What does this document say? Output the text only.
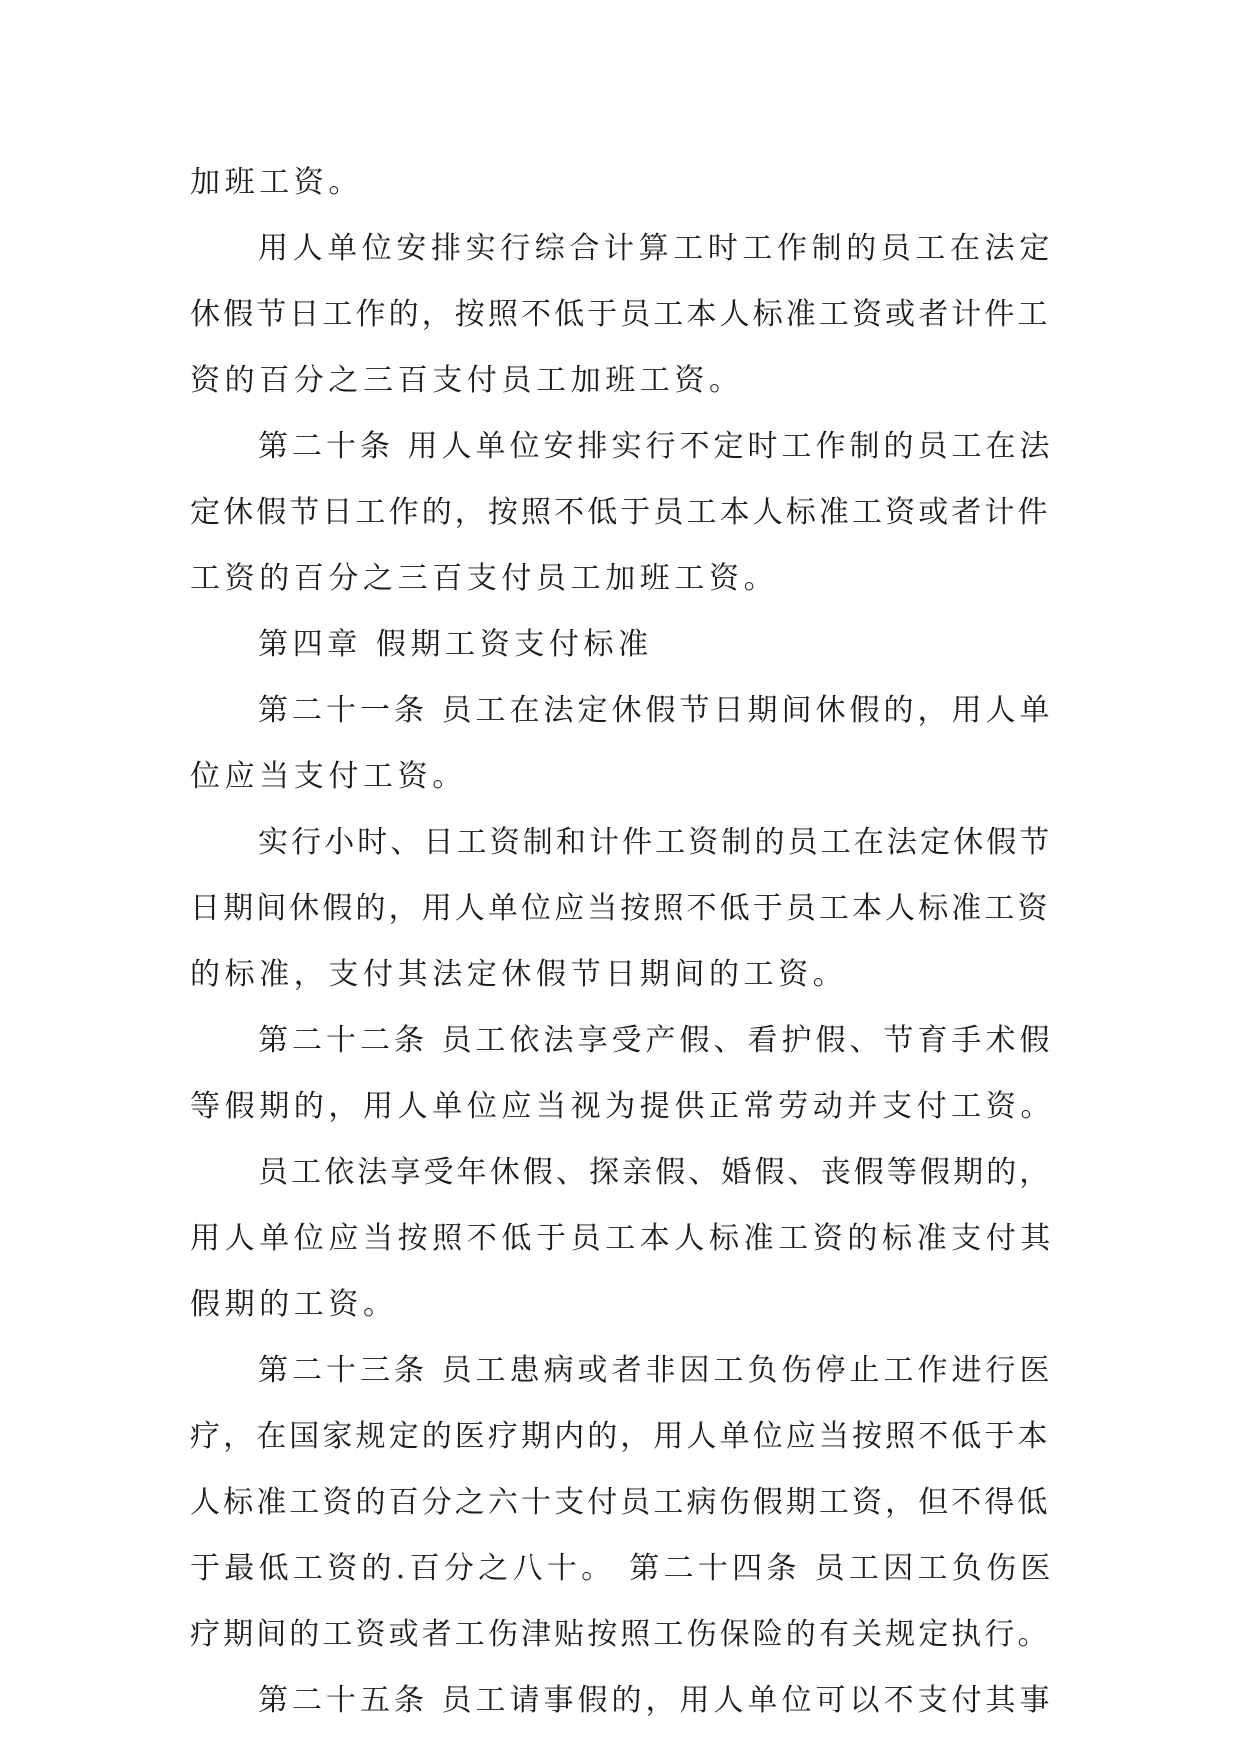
加班工资。
用人单位安排实行综合计算工时工作制的员工在法定
休假节日工作的，按照不低于员工本人标准工资或者计件工
资的百分之三百支付员工加班工资。
第二十条 用人单位安排实行不定时工作制的员工在法
定休假节日工作的，按照不低于员工本人标准工资或者计件
工资的百分之三百支付员工加班工资。
第四章 假期工资支付标准
第二十一条 员工在法定休假节日期间休假的，用人单
位应当支付工资。
实行小时、日工资制和计件工资制的员工在法定休假节
日期间休假的，用人单位应当按照不低于员工本人标准工资
的标准，支付其法定休假节日期间的工资。
第二十二条 员工依法享受产假、看护假、节育手术假
等假期的，用人单位应当视为提供正常劳动并支付工资。
员工依法享受年休假、探亲假、婚假、丧假等假期的，
用人单位应当按照不低于员工本人标准工资的标准支付其
假期的工资。
第二十三条 员工患病或者非因工负伤停止工作进行医
疗，在国家规定的医疗期内的，用人单位应当按照不低于本
人标准工资的百分之六十支付员工病伤假期工资，但不得低
于最低工资的.百分之八十。 第二十四条 员工因工负伤医
疗期间的工资或者工伤津贴按照工伤保险的有关规定执行。
第二十五条 员工请事假的，用人单位可以不支付其事
